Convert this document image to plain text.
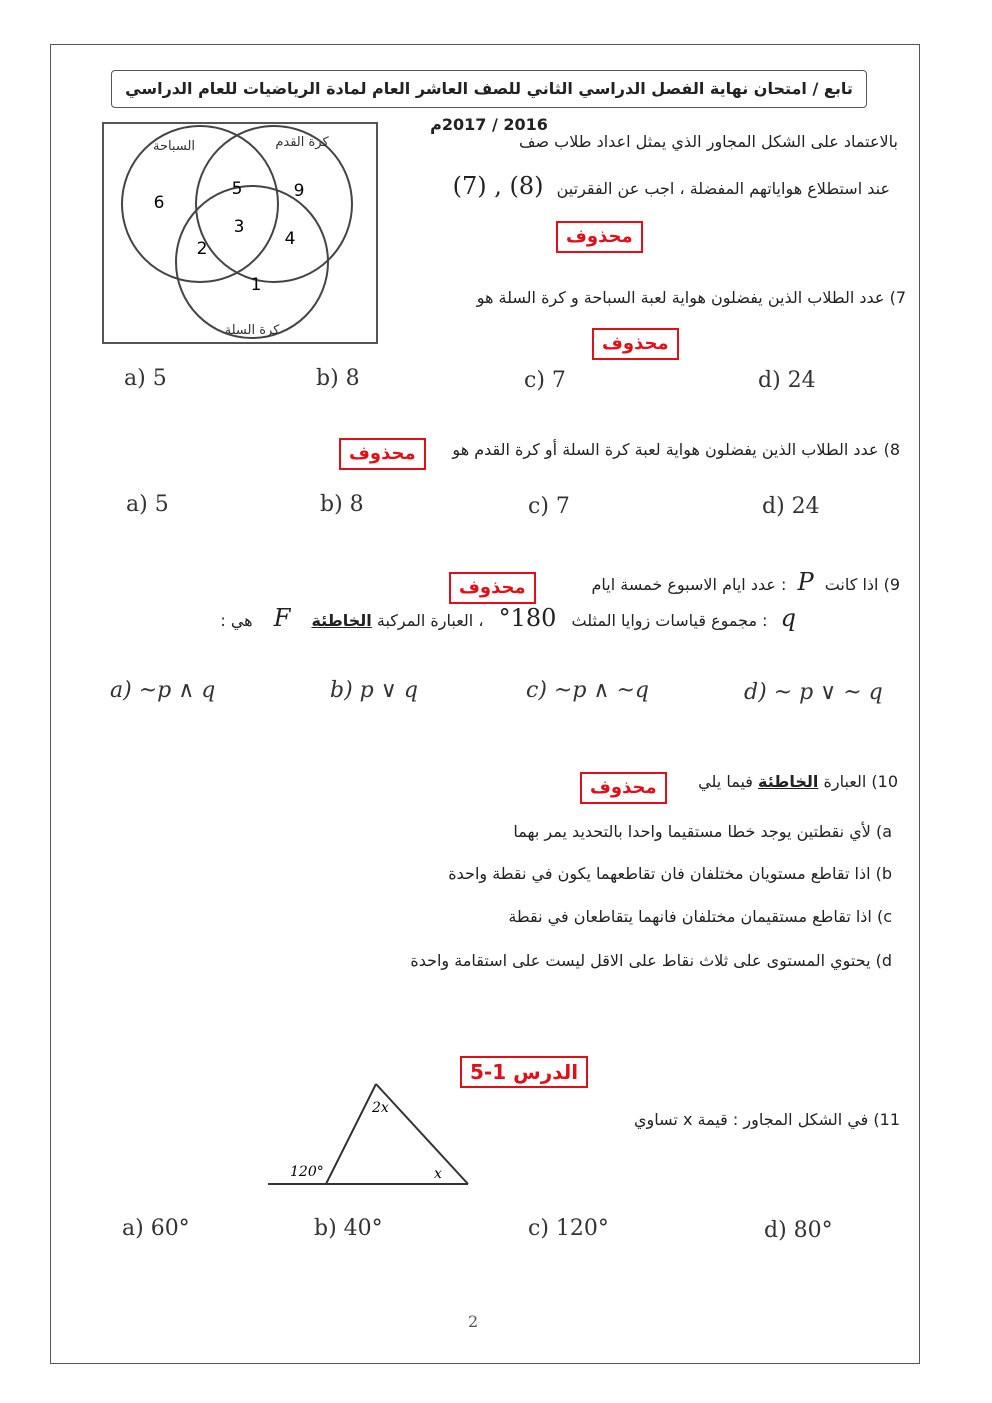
تابع / امتحان نهاية الفصل الدراسي الثاني للصف العاشر العام لمادة الرياضيات للعام الدراسي 2016 / 2017م
السباحة	كرة القدم
كرة السلة
6
5	9
3
2	4
1
بالاعتماد على الشكل المجاور الذي يمثل اعداد طلاب صف
عند استطلاع هواياتهم المفضلة ، اجب عن الفقرتين (8) , (7)
محذوف
7) عدد الطلاب الذين يفضلون هواية لعبة السباحة و كرة السلة هو
محذوف
a) 5	b) 8	c) 7	d) 24
8) عدد الطلاب الذين يفضلون هواية لعبة كرة السلة أو كرة القدم هو
محذوف
a) 5	b) 8	c) 7	d) 24
9) اذا كانت P : عدد ايام الاسبوع خمسة ايام
محذوف
q : مجموع قياسات زوايا المثلث 180° ، العبارة المركبة الخاطئة F هي :
a) ~p ∧ q	b) p ∨ q	c) ~p ∧ ~q	d) ~ p ∨ ~ q
10) العبارة الخاطئة فيما يلي
محذوف
a) لأي نقطتين يوجد خطا مستقيما واحدا بالتحديد يمر بهما
b) اذا تقاطع مستويان مختلفان فان تقاطعهما يكون في نقطة واحدة
c) اذا تقاطع مستقيمان مختلفان فانهما يتقاطعان في نقطة
d) يحتوي المستوى على ثلاث نقاط على الاقل ليست على استقامة واحدة
الدرس 1-5
2x
120°	x
11) في الشكل المجاور : قيمة x تساوي
a) 60°	b) 40°	c) 120°	d) 80°
2
